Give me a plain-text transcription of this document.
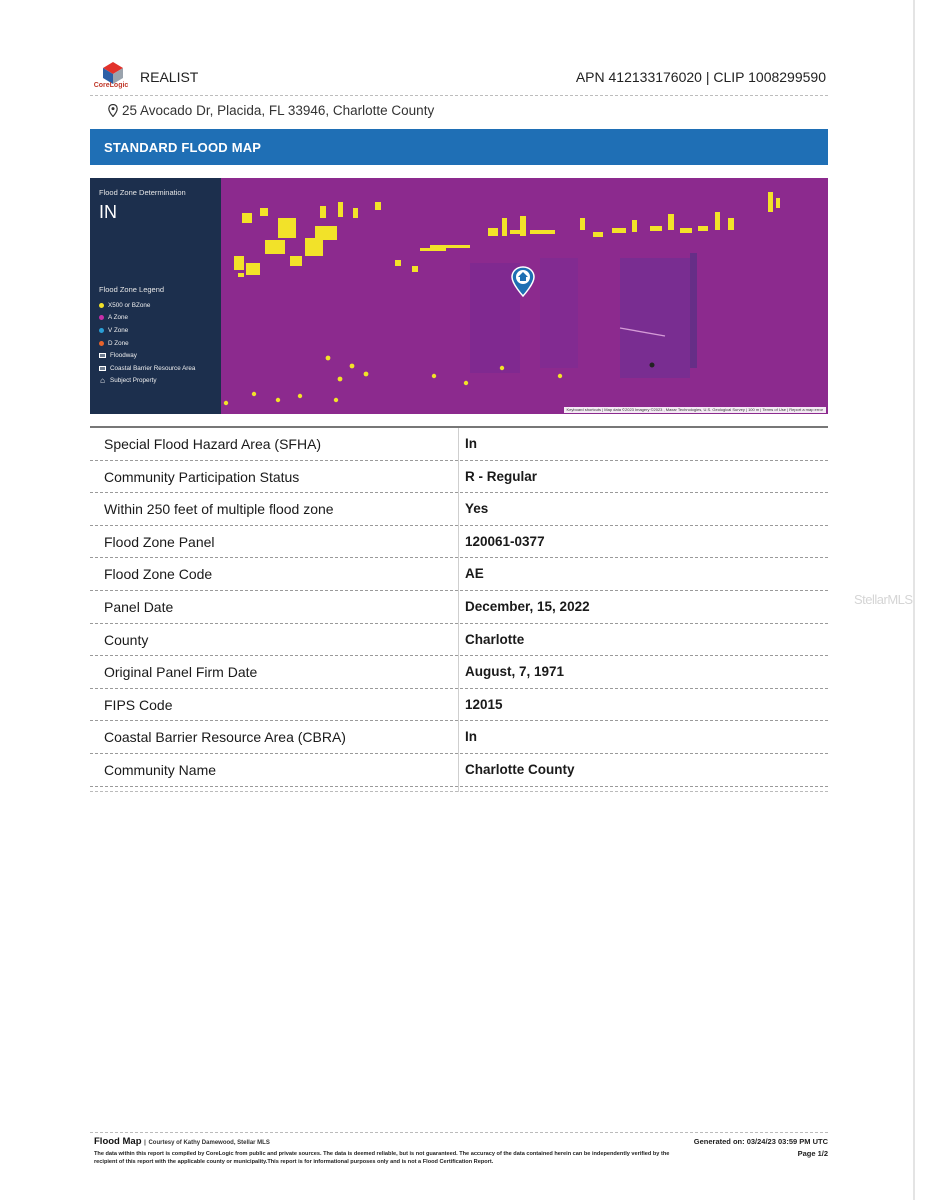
CoreLogic
REALIST	APN 412133176020 | CLIP 1008299590
25 Avocado Dr, Placida, FL 33946, Charlotte County
STANDARD FLOOD MAP
Flood Zone Determination
IN
Flood Zone Legend
X500 or BZone
A Zone
V Zone
D Zone
Floodway
Coastal Barrier Resource Area
⌂ Subject Property
Keyboard shortcuts | Map data ©2023 Imagery ©2023 , Maxar Technologies, U.S. Geological Survey | 100 m | Terms of Use | Report a map error
Special Flood Hazard Area (SFHA)	In
Community Participation Status	R - Regular
Within 250 feet of multiple flood zone	Yes
Flood Zone Panel	120061-0377
Flood Zone Code	AE
Panel Date	December, 15, 2022
County	Charlotte
Original Panel Firm Date	August, 7, 1971
FIPS Code	12015
Coastal Barrier Resource Area (CBRA)	In
Community Name	Charlotte County
StellarMLS
Flood Map | Courtesy of Kathy Damewood, Stellar MLS
The data within this report is compiled by CoreLogic from public and private sources. The data is deemed reliable, but is not guaranteed. The accuracy of the data contained herein can be independently verified by the recipient of this report with the applicable county or municipality.This report is for informational purposes only and is not a Flood Certification Report.
Generated on: 03/24/23 03:59 PM UTC
Page 1/2
